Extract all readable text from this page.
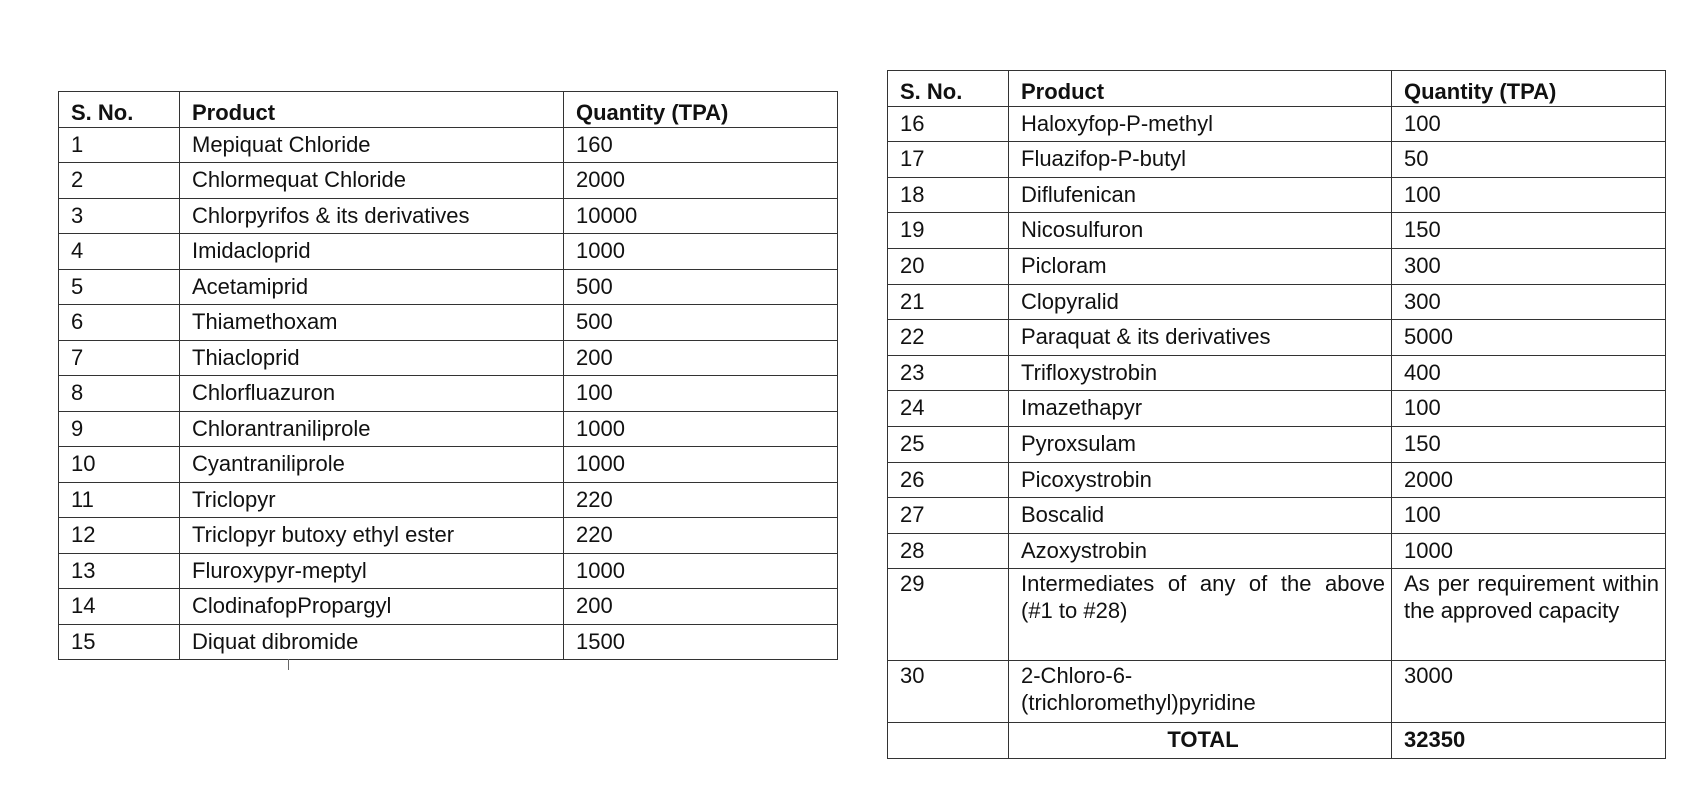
S. No.	Product	Quantity (TPA)
1	Mepiquat Chloride	160
2	Chlormequat Chloride	2000
3	Chlorpyrifos & its derivatives	10000
4	Imidacloprid	1000
5	Acetamiprid	500
6	Thiamethoxam	500
7	Thiacloprid	200
8	Chlorfluazuron	100
9	Chlorantraniliprole	1000
10	Cyantraniliprole	1000
11	Triclopyr	220
12	Triclopyr butoxy ethyl ester	220
13	Fluroxypyr-meptyl	1000
14	ClodinafopPropargyl	200
15	Diquat dibromide	1500
S. No.	Product	Quantity (TPA)
16	Haloxyfop-P-methyl	100
17	Fluazifop-P-butyl	50
18	Diflufenican	100
19	Nicosulfuron	150
20	Picloram	300
21	Clopyralid	300
22	Paraquat & its derivatives	5000
23	Trifloxystrobin	400
24	Imazethapyr	100
25	Pyroxsulam	150
26	Picoxystrobin	2000
27	Boscalid	100
28	Azoxystrobin	1000
29	Intermediates of any of the above (#1 to #28)	As per requirement within the approved capacity
30	2-Chloro-6-
(trichloromethyl)pyridine	3000
	TOTAL	32350
